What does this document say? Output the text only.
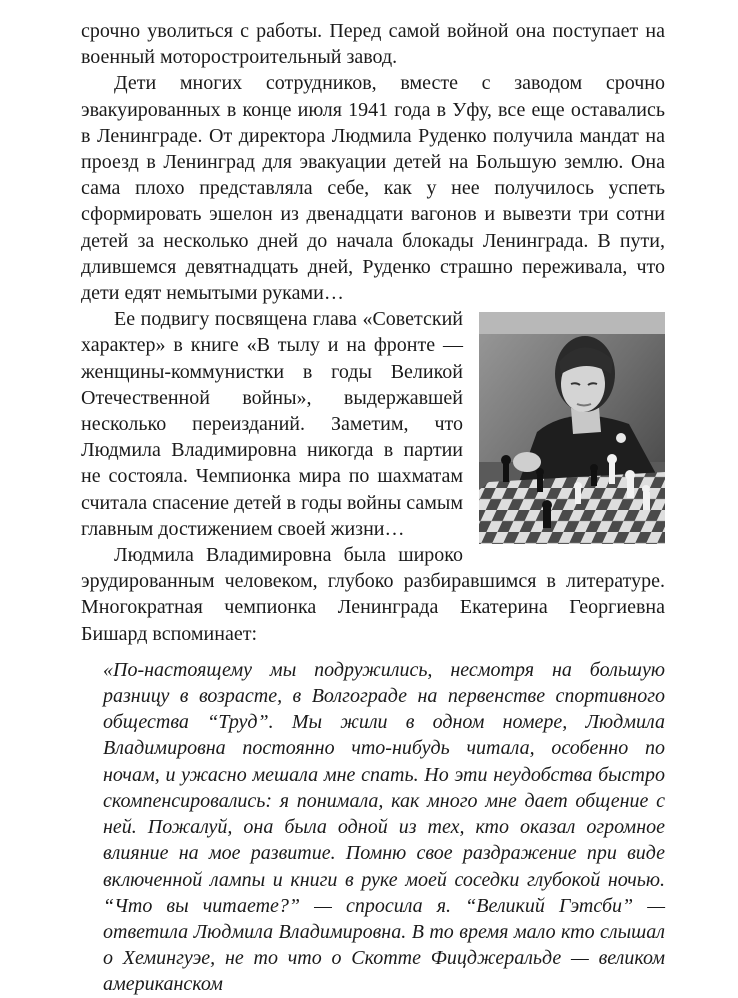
срочно уволиться с работы. Перед самой войной она поступает на военный моторостроительный завод.

Дети многих сотрудников, вместе с заводом срочно эвакуированных в конце июля 1941 года в Уфу, все еще оставались в Ленинграде. От директора Людмила Руденко получила мандат на проезд в Ленинград для эвакуации детей на Большую землю. Она сама плохо представляла себе, как у нее получилось успеть сформировать эшелон из двенадцати вагонов и вывезти три сотни детей за несколько дней до начала блокады Ленинграда. В пути, длившемся девятнадцать дней, Руденко страшно переживала, что дети едят немытыми руками…

Ее подвигу посвящена глава «Советский характер» в книге «В тылу и на фронте — женщины-коммунистки в годы Великой Отечественной войны», выдержавшей несколько переизданий. Заметим, что Людмила Владимировна никогда в партии не состояла. Чемпионка мира по шахматам считала спасение детей в годы войны самым главным достижением своей жизни…

Людмила Владимировна была широко эрудированным человеком, глубоко разбиравшимся в литературе. Многократная чемпионка Ленинграда Екатерина Георгиевна Бишард вспоминает:

«По-настоящему мы подружились, несмотря на большую разницу в возрасте, в Волгограде на первенстве спортивного общества “Труд”. Мы жили в одном номере, Людмила Владимировна постоянно что-нибудь читала, особенно по ночам, и ужасно мешала мне спать. Но эти неудобства быстро скомпенсировались: я понимала, как много мне дает общение с ней. Пожалуй, она была одной из тех, кто оказал огромное влияние на мое развитие. Помню свое раздражение при виде включенной лампы и книги в руке моей соседки глубокой ночью. “Что вы читаете?” — спросила я. “Великий Гэтсби” — ответила Людмила Владимировна. В то время мало кто слышал о Хемингуэе, не то что о Скотте Фицджеральде — великом американском
